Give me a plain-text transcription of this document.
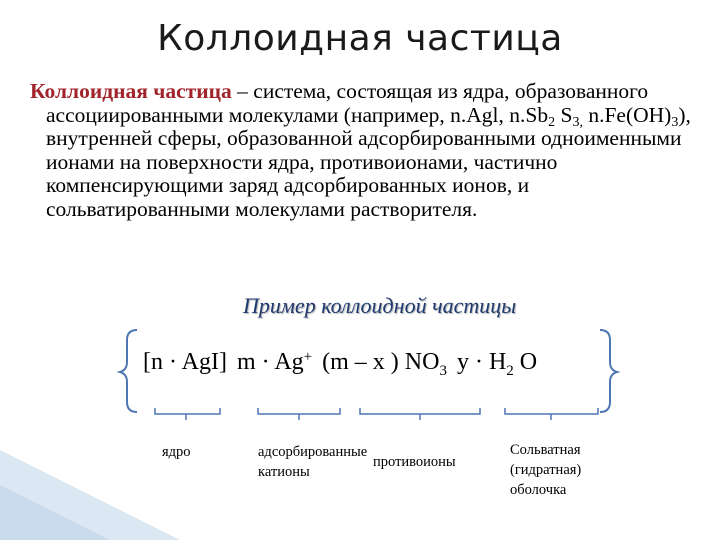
Коллоидная частица
Коллоидная частица – система, состоящая из ядра, образованного ассоциированными молекулами (например, n.Agl, $n.Sb_2$ $S_{3,}$ $n.Fe(OH)_3$), внутренней сферы, образованной адсорбированными одноименными ионами на поверхности ядра, противоионами, частично компенсирующими заряд адсорбированных ионов, и сольватированными молекулами растворителя.
Пример коллоидной частицы
[n · AgI] m · Ag+ (m – x ) $NO_3$ $y \cdot H_2$ O
ядро	адсорбированные катионы
противоионы
Сольватная (гидратная) оболочка
